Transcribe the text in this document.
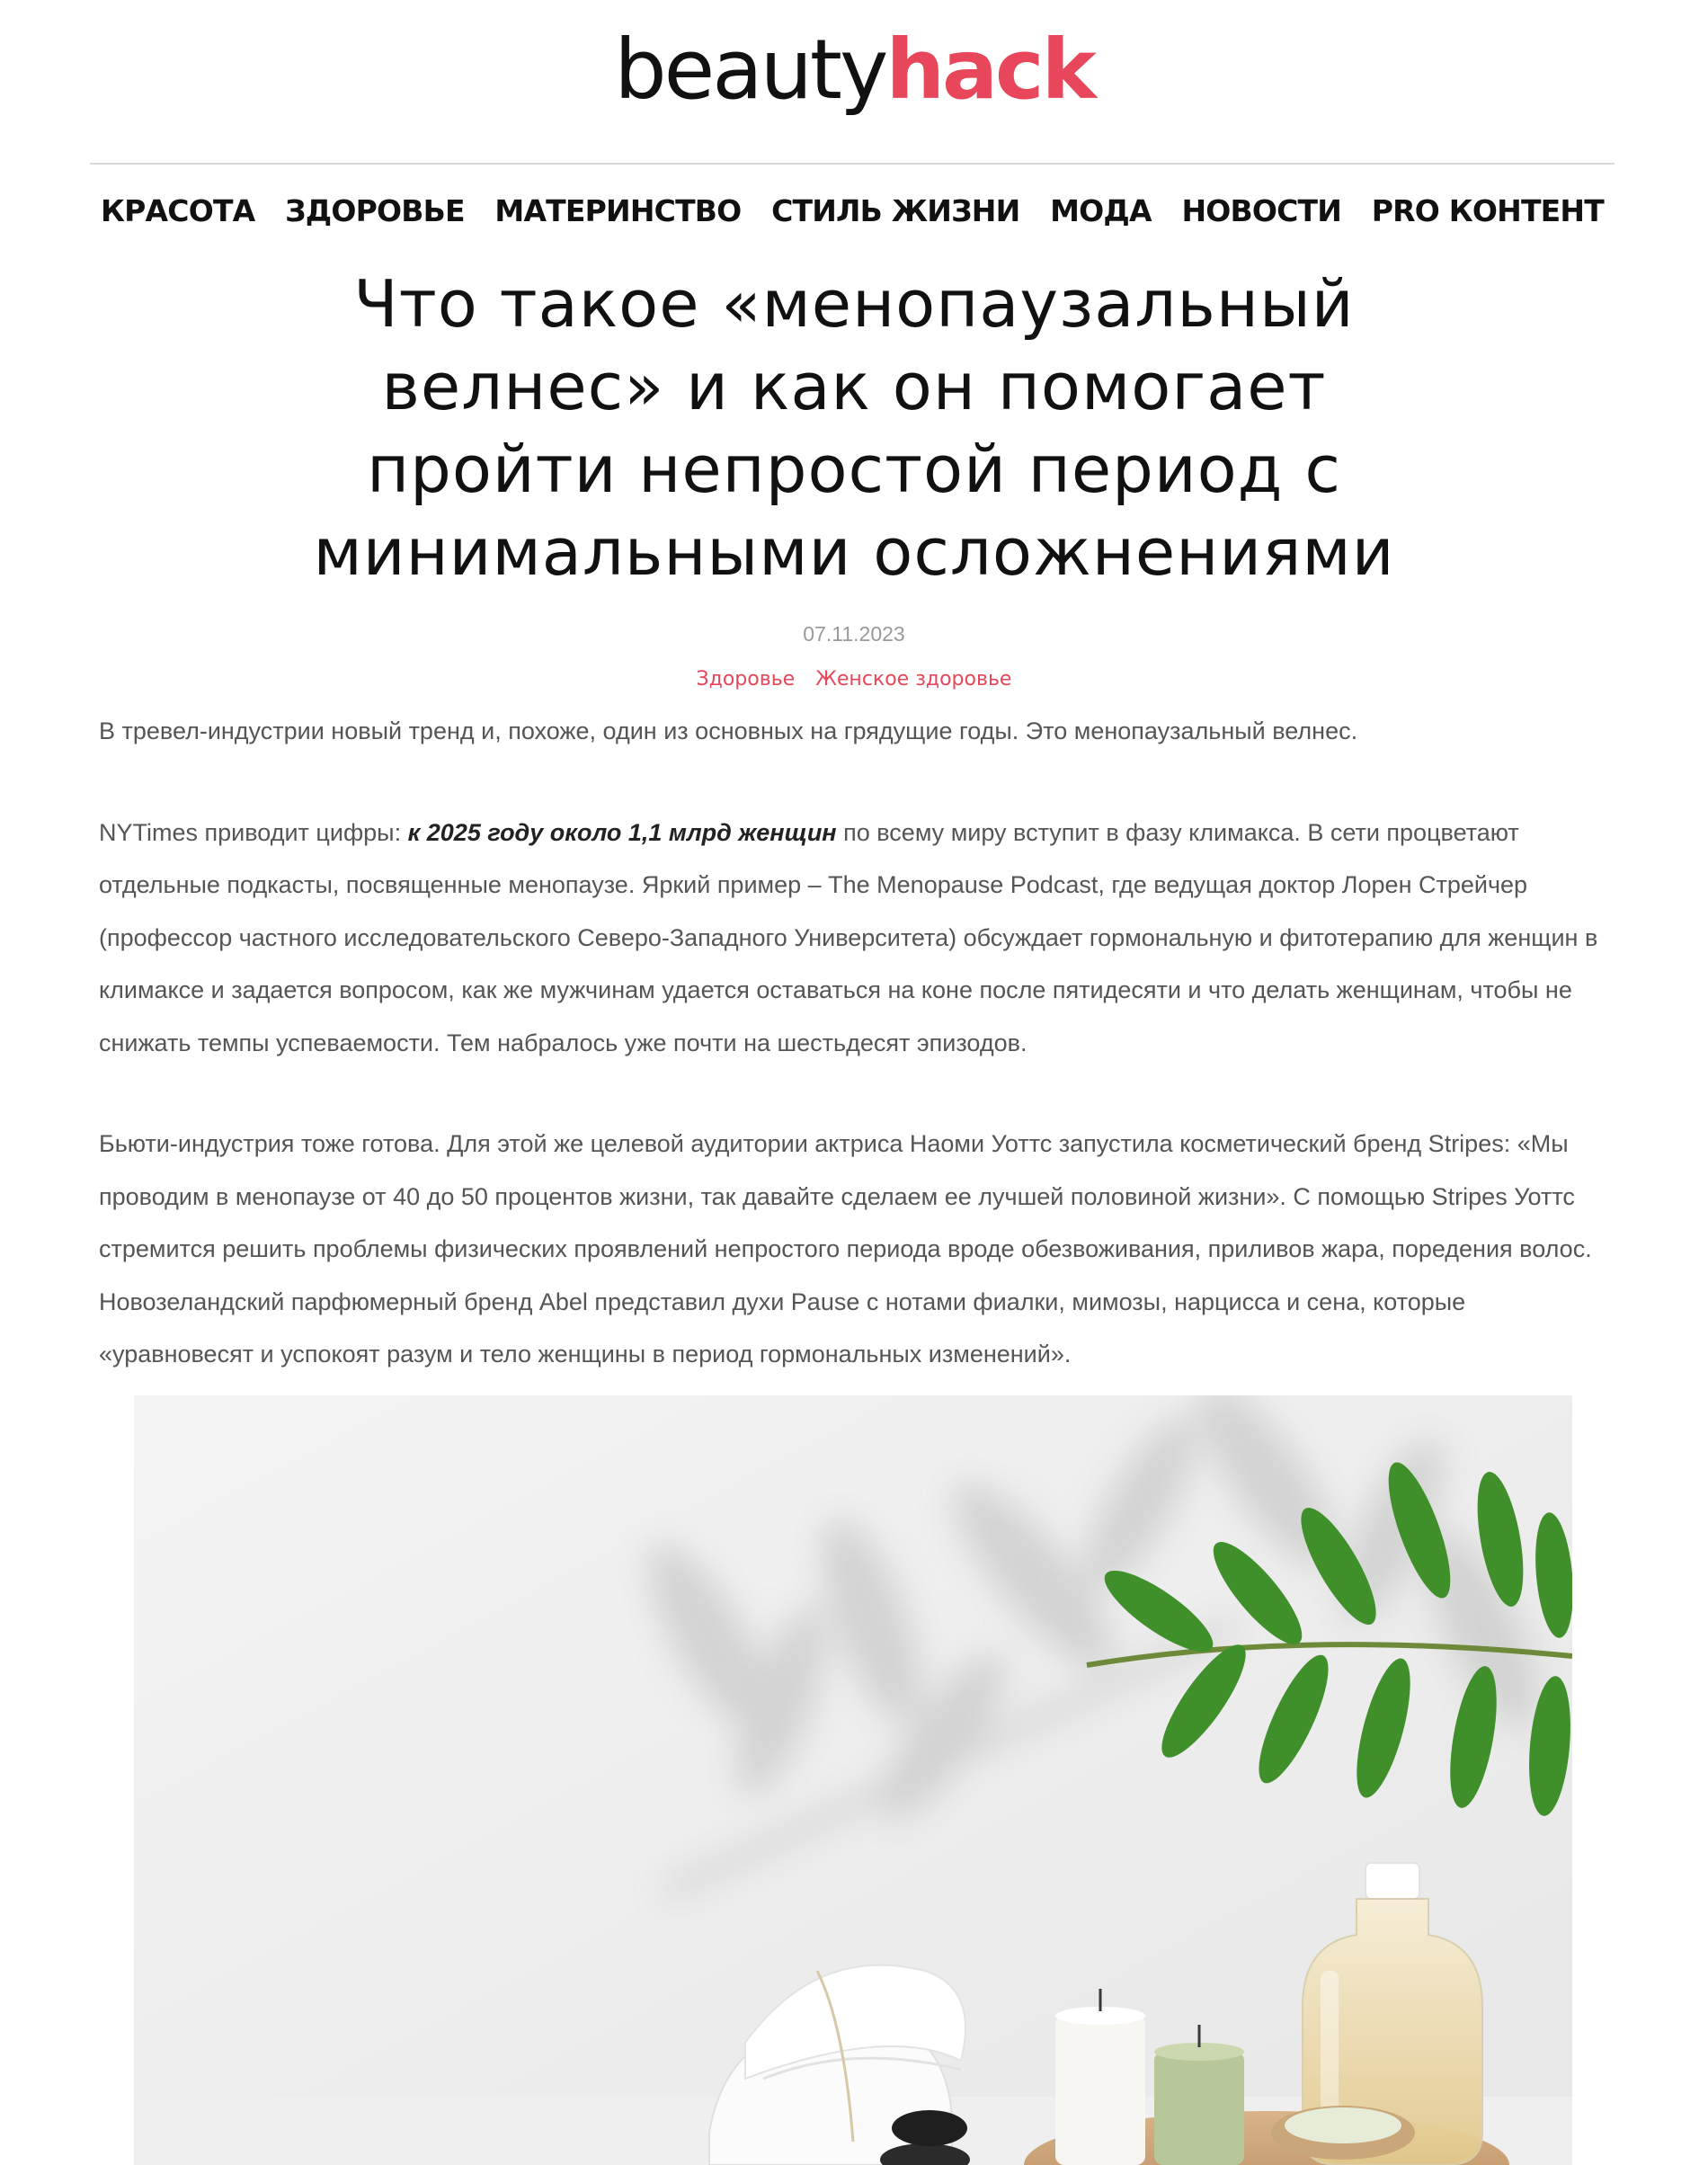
beautyhack
КРАСОТА ЗДОРОВЬЕ МАТЕРИНСТВО СТИЛЬ ЖИЗНИ МОДА НОВОСТИ PRO КОНТЕНТ
Что такое «менопаузальный велнес» и как он помогает пройти непростой период с минимальными осложнениями
07.11.2023
Здоровье Женское здоровье

В тревел-индустрии новый тренд и, похоже, один из основных на грядущие годы. Это менопаузальный велнес.

NYTimes приводит цифры: к 2025 году около 1,1 млрд женщин по всему миру вступит в фазу климакса. В сети процветают отдельные подкасты, посвященные менопаузе. Яркий пример – The Menopause Podcast, где ведущая доктор Лорен Стрейчер (профессор частного исследовательского Северо-Западного Университета) обсуждает гормональную и фитотерапию для женщин в климаксе и задается вопросом, как же мужчинам удается оставаться на коне после пятидесяти и что делать женщинам, чтобы не снижать темпы успеваемости. Тем набралось уже почти на шестьдесят эпизодов.

Бьюти-индустрия тоже готова. Для этой же целевой аудитории актриса Наоми Уоттс запустила косметический бренд Stripes: «Мы проводим в менопаузе от 40 до 50 процентов жизни, так давайте сделаем ее лучшей половиной жизни». С помощью Stripes Уоттс стремится решить проблемы физических проявлений непростого периода вроде обезвоживания, приливов жара, поредения волос. Новозеландский парфюмерный бренд Abel представил духи Pause с нотами фиалки, мимозы, нарцисса и сена, которые «уравновесят и успокоят разум и тело женщины в период гормональных изменений».
